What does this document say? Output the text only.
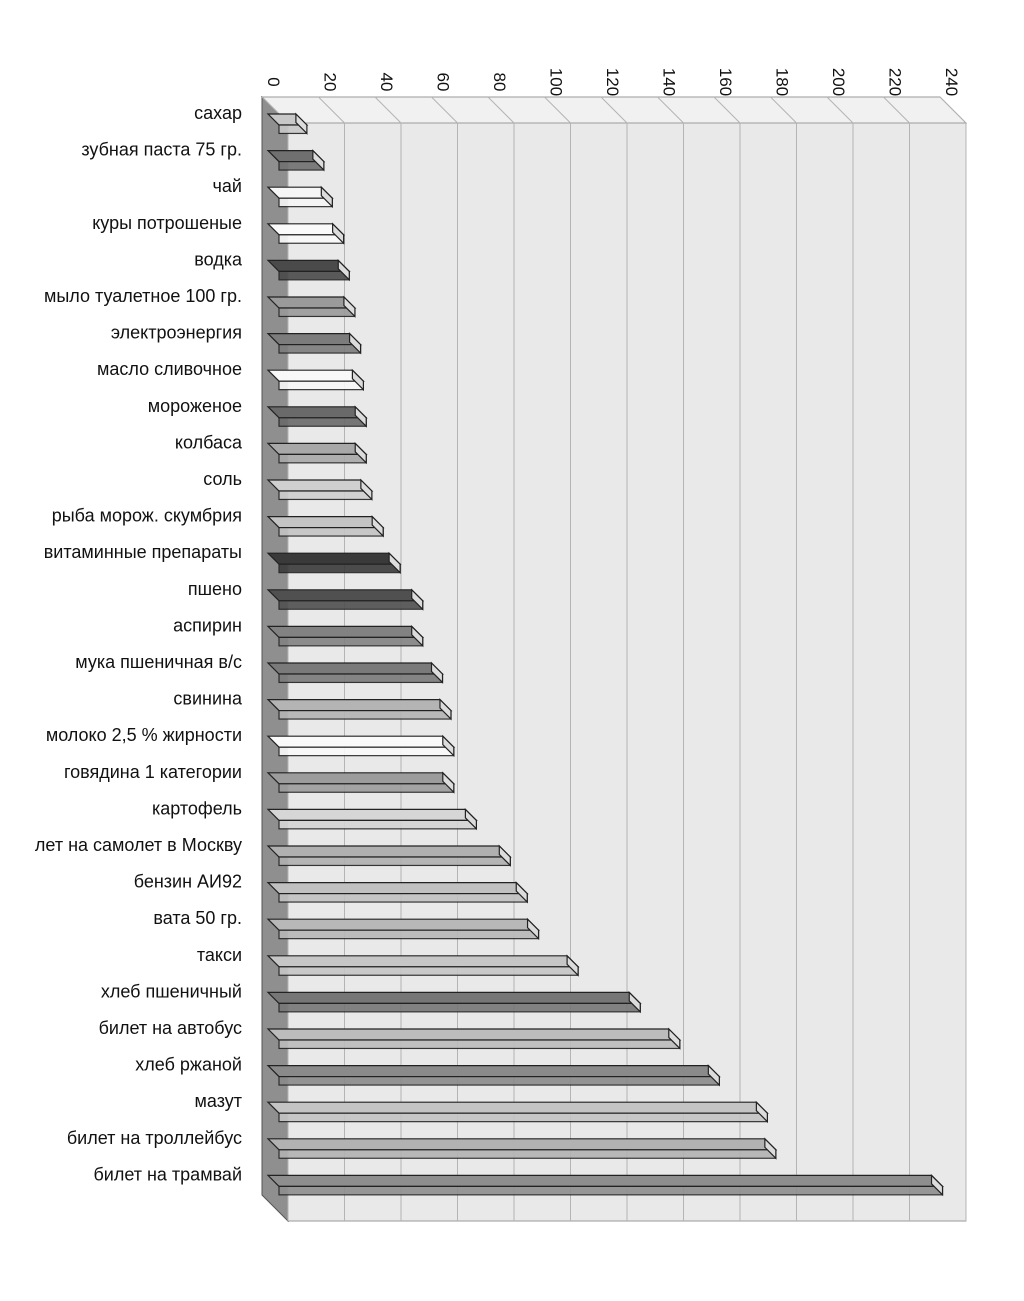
0 20 40 60 80 100 120 140 160 180 200 220 240
сахар
зубная паста 75 гр.
чай
куры потрошеные
водка
мыло туалетное 100 гр.
электроэнергия
масло сливочное
мороженое
колбаса
соль
рыба морож. скумбрия
витаминные препараты
пшено
аспирин
мука пшеничная в/с
свинина
молоко 2,5 % жирности
говядина 1 категории
картофель
лет на самолет в Москву
бензин АИ92
вата 50 гр.
такси
хлеб пшеничный
билет на автобус
хлеб ржаной
мазут
билет на троллейбус
билет на трамвай
